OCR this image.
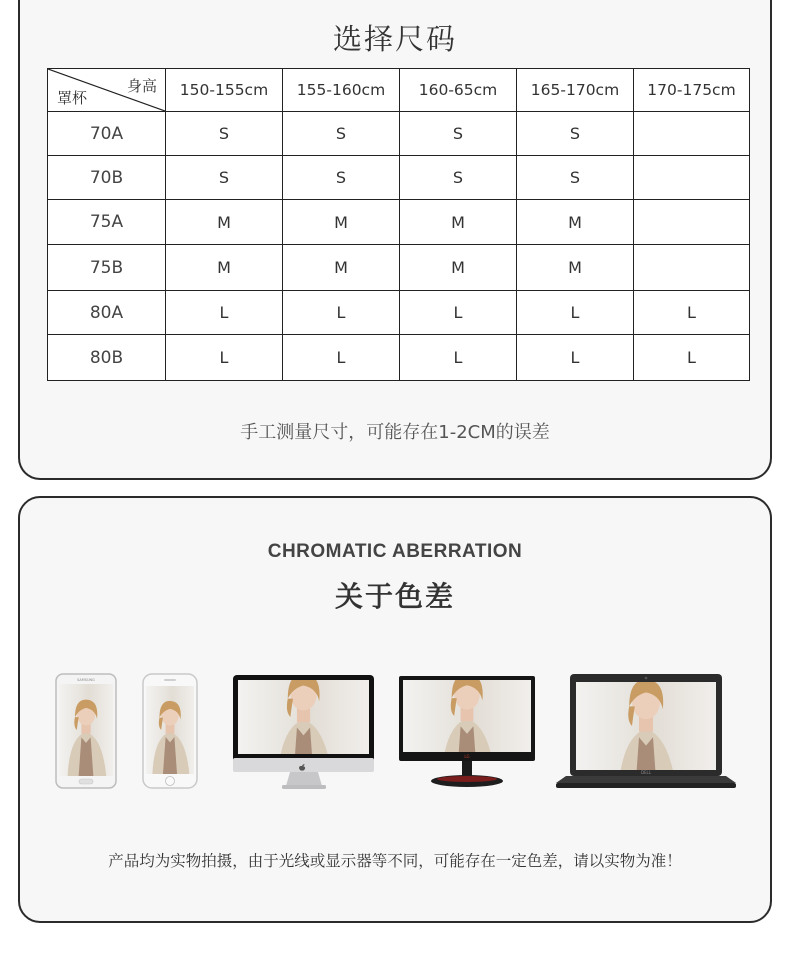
选择尺码
身高
罩杯	150-155cm	155-160cm	160-65cm	165-170cm	170-175cm
70A	S	S	S	S	
70B	S	S	S	S	
75A	M	M	M	M	
75B	M	M	M	M	
80A	L	L	L	L	L
80B	L	L	L	L	L
手工测量尺寸，可能存在1-2CM的误差
CHROMATIC ABERRATION
关于色差
SAMSUNG
LG
DELL
产品均为实物拍摄，由于光线或显示器等不同，可能存在一定色差，请以实物为准！
